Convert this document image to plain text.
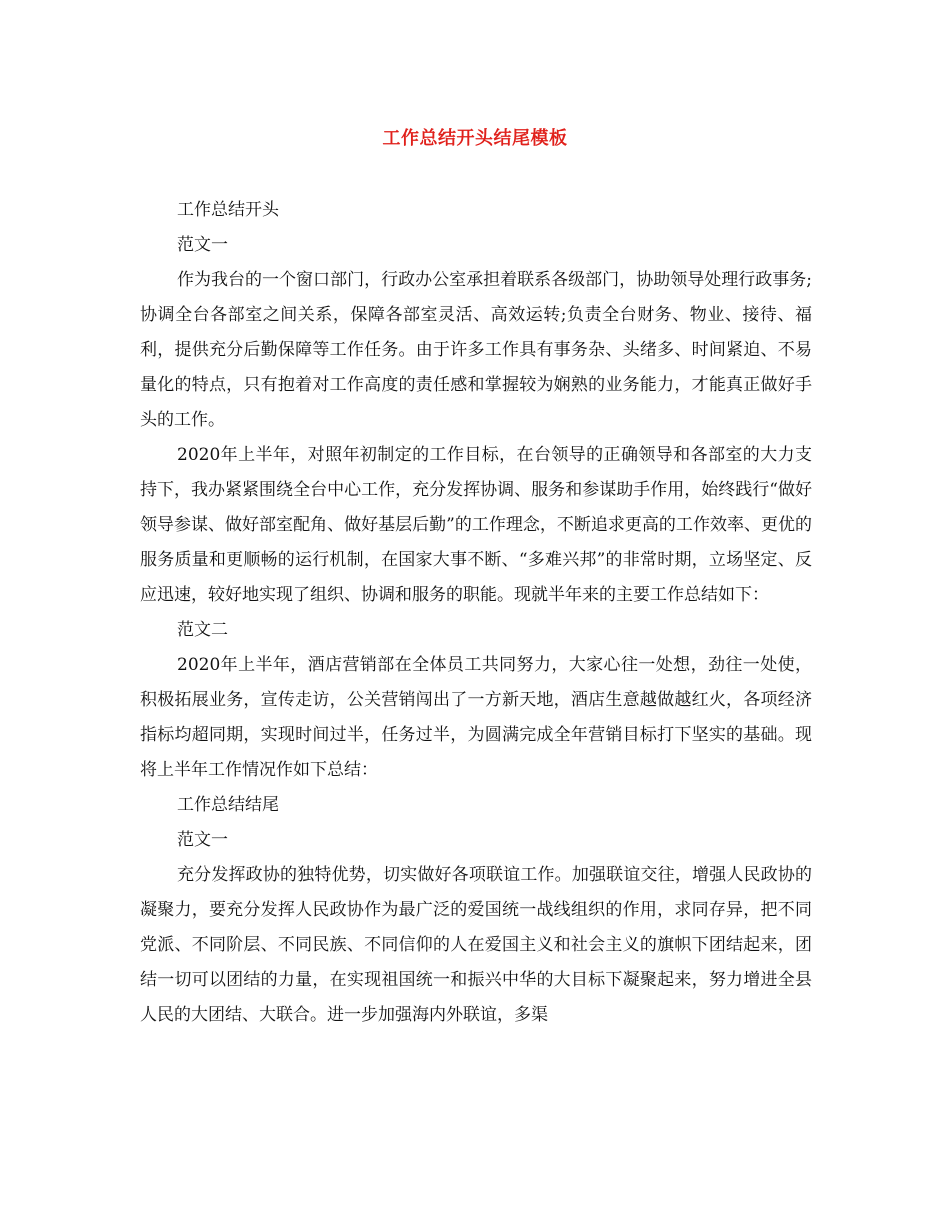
工作总结开头结尾模板

工作总结开头

范文一

作为我台的一个窗口部门，行政办公室承担着联系各级部门，协助领导处理行政事务;协调全台各部室之间关系，保障各部室灵活、高效运转;负责全台财务、物业、接待、福利，提供充分后勤保障等工作任务。由于许多工作具有事务杂、头绪多、时间紧迫、不易量化的特点，只有抱着对工作高度的责任感和掌握较为娴熟的业务能力，才能真正做好手头的工作。

2020年上半年，对照年初制定的工作目标，在台领导的正确领导和各部室的大力支持下，我办紧紧围绕全台中心工作，充分发挥协调、服务和参谋助手作用，始终践行“做好领导参谋、做好部室配角、做好基层后勤”的工作理念，不断追求更高的工作效率、更优的服务质量和更顺畅的运行机制，在国家大事不断、“多难兴邦”的非常时期，立场坚定、反应迅速，较好地实现了组织、协调和服务的职能。现就半年来的主要工作总结如下：

范文二

2020年上半年，酒店营销部在全体员工共同努力，大家心往一处想，劲往一处使，积极拓展业务，宣传走访，公关营销闯出了一方新天地，酒店生意越做越红火，各项经济指标均超同期，实现时间过半，任务过半，为圆满完成全年营销目标打下坚实的基础。现将上半年工作情况作如下总结：

工作总结结尾

范文一

充分发挥政协的独特优势，切实做好各项联谊工作。加强联谊交往，增强人民政协的凝聚力，要充分发挥人民政协作为最广泛的爱国统一战线组织的作用，求同存异，把不同党派、不同阶层、不同民族、不同信仰的人在爱国主义和社会主义的旗帜下团结起来，团结一切可以团结的力量，在实现祖国统一和振兴中华的大目标下凝聚起来，努力增进全县人民的大团结、大联合。进一步加强海内外联谊，多渠
